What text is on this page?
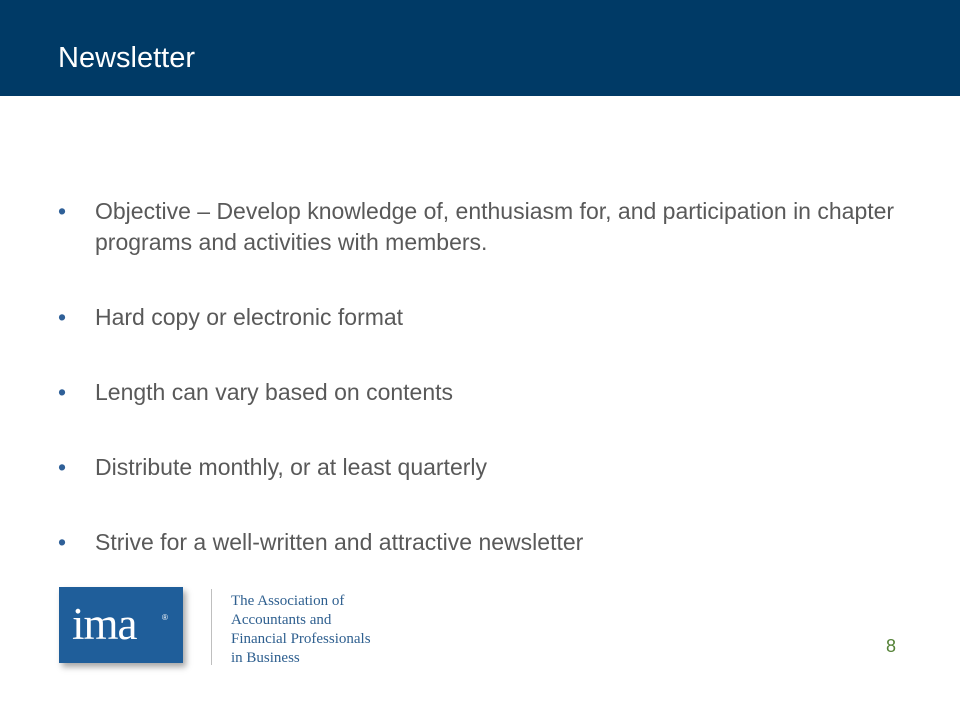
Newsletter
• Objective – Develop knowledge of, enthusiasm for, and participation in chapter programs and activities with members.
• Hard copy or electronic format
• Length can vary based on contents
• Distribute monthly, or at least quarterly
• Strive for a well-written and attractive newsletter
ima	®
The Association of
Accountants and
Financial Professionals
in Business
8
